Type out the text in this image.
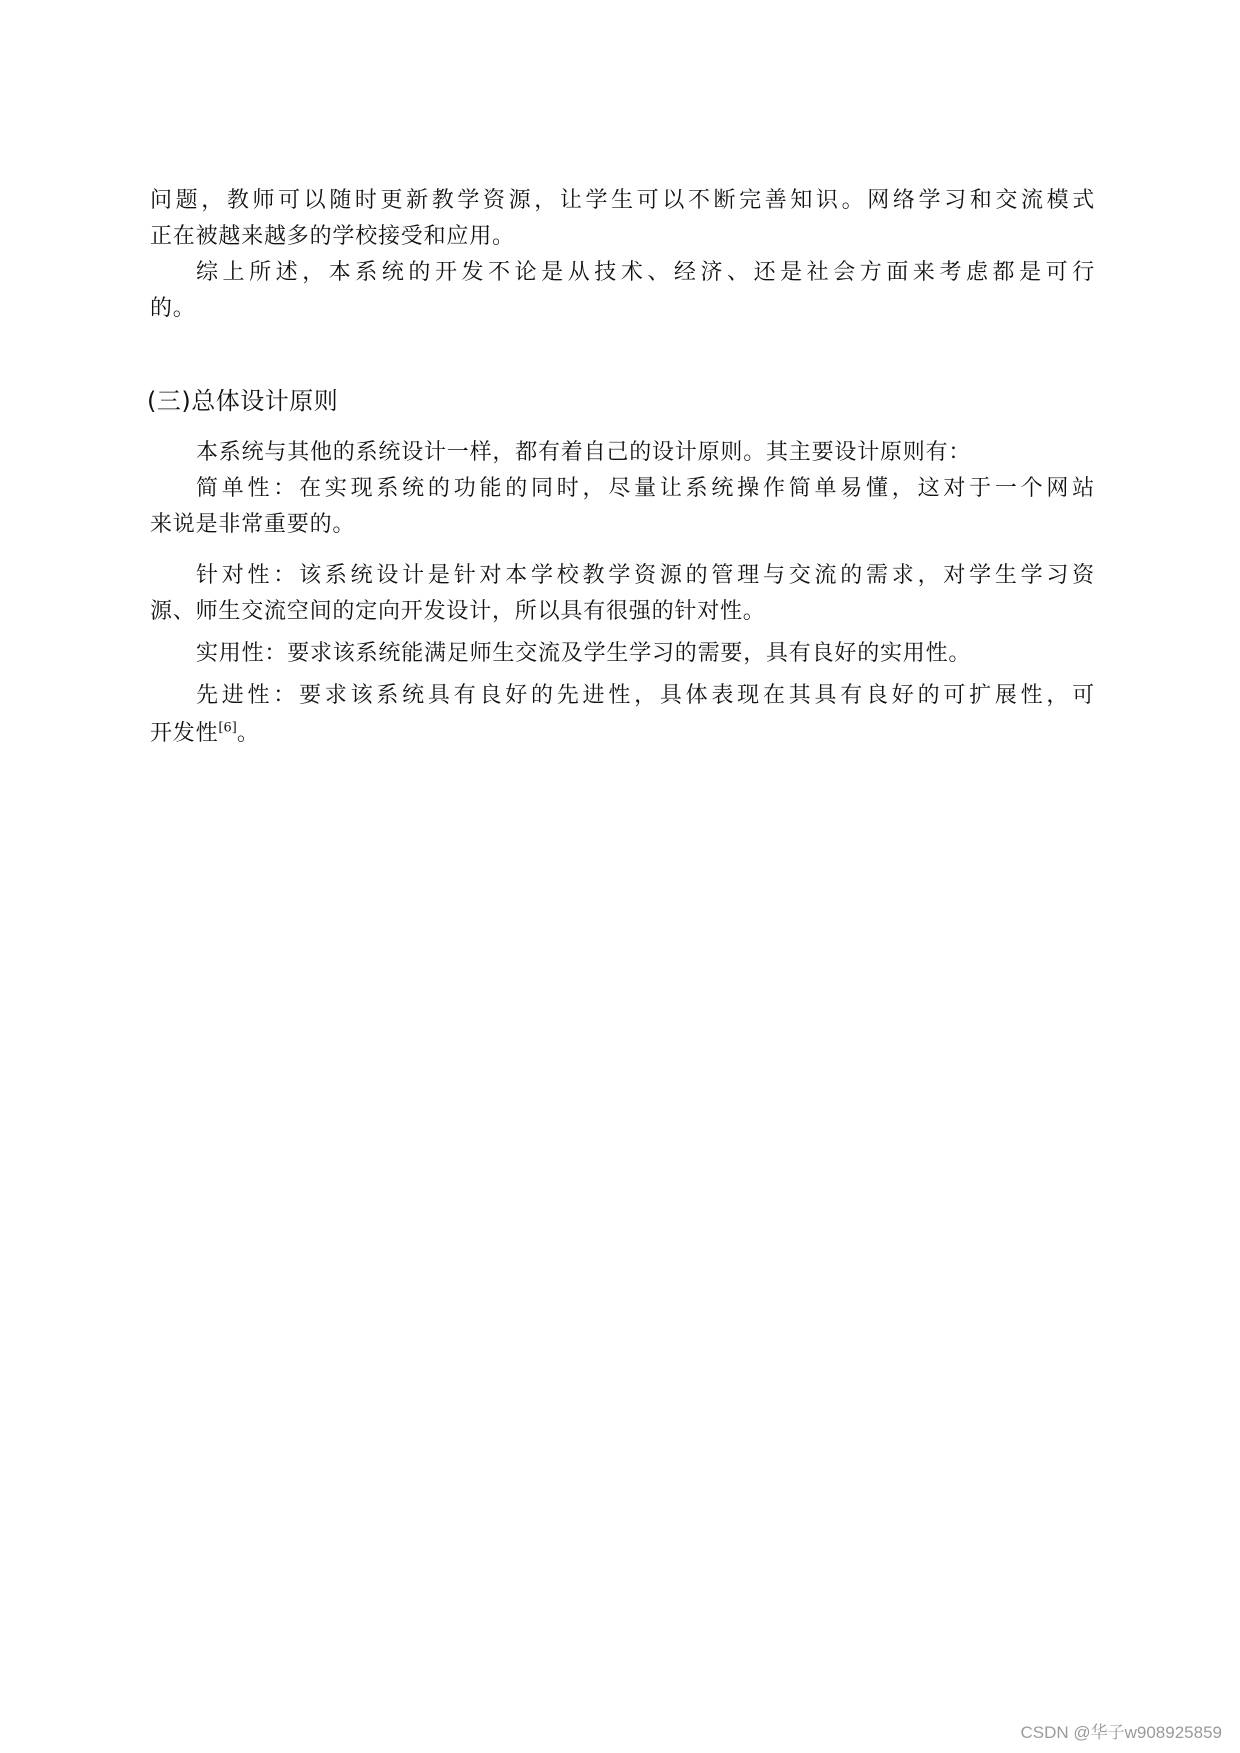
问题，教师可以随时更新教学资源，让学生可以不断完善知识。网络学习和交流模式
正在被越来越多的学校接受和应用。
综上所述，本系统的开发不论是从技术、经济、还是社会方面来考虑都是可行
的。
(三)总体设计原则
本系统与其他的系统设计一样，都有着自己的设计原则。其主要设计原则有：
简单性：在实现系统的功能的同时，尽量让系统操作简单易懂，这对于一个网站
来说是非常重要的。
针对性：该系统设计是针对本学校教学资源的管理与交流的需求，对学生学习资
源、师生交流空间的定向开发设计，所以具有很强的针对性。
实用性：要求该系统能满足师生交流及学生学习的需要，具有良好的实用性。
先进性：要求该系统具有良好的先进性，具体表现在其具有良好的可扩展性，可
开发性[6]。
CSDN @华子w908925859
